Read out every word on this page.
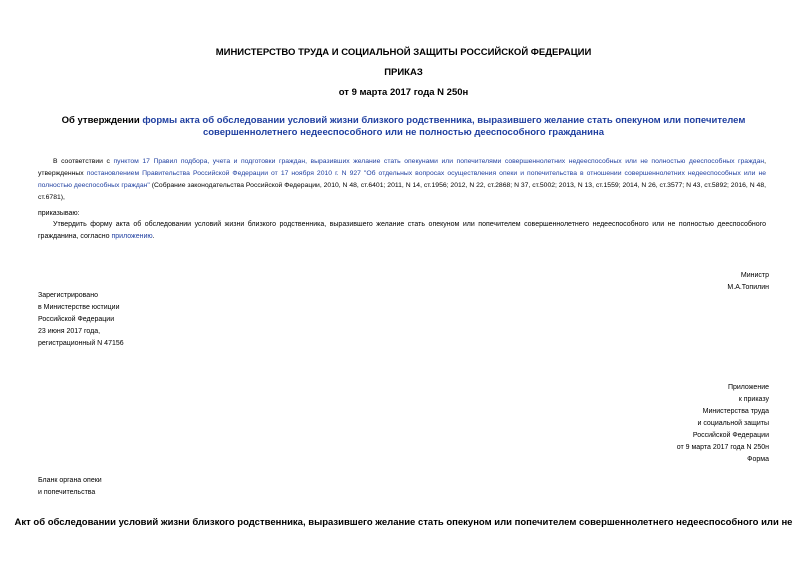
МИНИСТЕРСТВО ТРУДА И СОЦИАЛЬНОЙ ЗАЩИТЫ РОССИЙСКОЙ ФЕДЕРАЦИИ
ПРИКАЗ
от 9 марта 2017 года N 250н
Об утверждении формы акта об обследовании условий жизни близкого родственника, выразившего желание стать опекуном или попечителем совершеннолетнего недееспособного или не полностью дееспособного гражданина
В соответствии с пунктом 17 Правил подбора, учета и подготовки граждан, выразивших желание стать опекунами или попечителями совершеннолетних недееспособных или не полностью дееспособных граждан, утвержденных постановлением Правительства Российской Федерации от 17 ноября 2010 г. N 927 "Об отдельных вопросах осуществления опеки и попечительства в отношении совершеннолетних недееспособных или не полностью дееспособных граждан" (Собрание законодательства Российской Федерации, 2010, N 48, ст.6401; 2011, N 14, ст.1956; 2012, N 22, ст.2868; N 37, ст.5002; 2013, N 13, ст.1559; 2014, N 26, ст.3577; N 43, ст.5892; 2016, N 48, ст.6781),
приказываю:
Утвердить форму акта об обследовании условий жизни близкого родственника, выразившего желание стать опекуном или попечителем совершеннолетнего недееспособного или не полностью дееспособного гражданина, согласно приложению.
Министр
М.А.Топилин
Зарегистрировано
в Министерстве юстиции
Российской Федерации
23 июня 2017 года,
регистрационный N 47156
Приложение
к приказу
Министерства труда
и социальной защиты
Российской Федерации
от 9 марта 2017 года N 250н
Форма
Бланк органа опеки
и попечительства
Акт об обследовании условий жизни близкого родственника, выразившего желание стать опекуном или попечителем совершеннолетнего недееспособного или не
